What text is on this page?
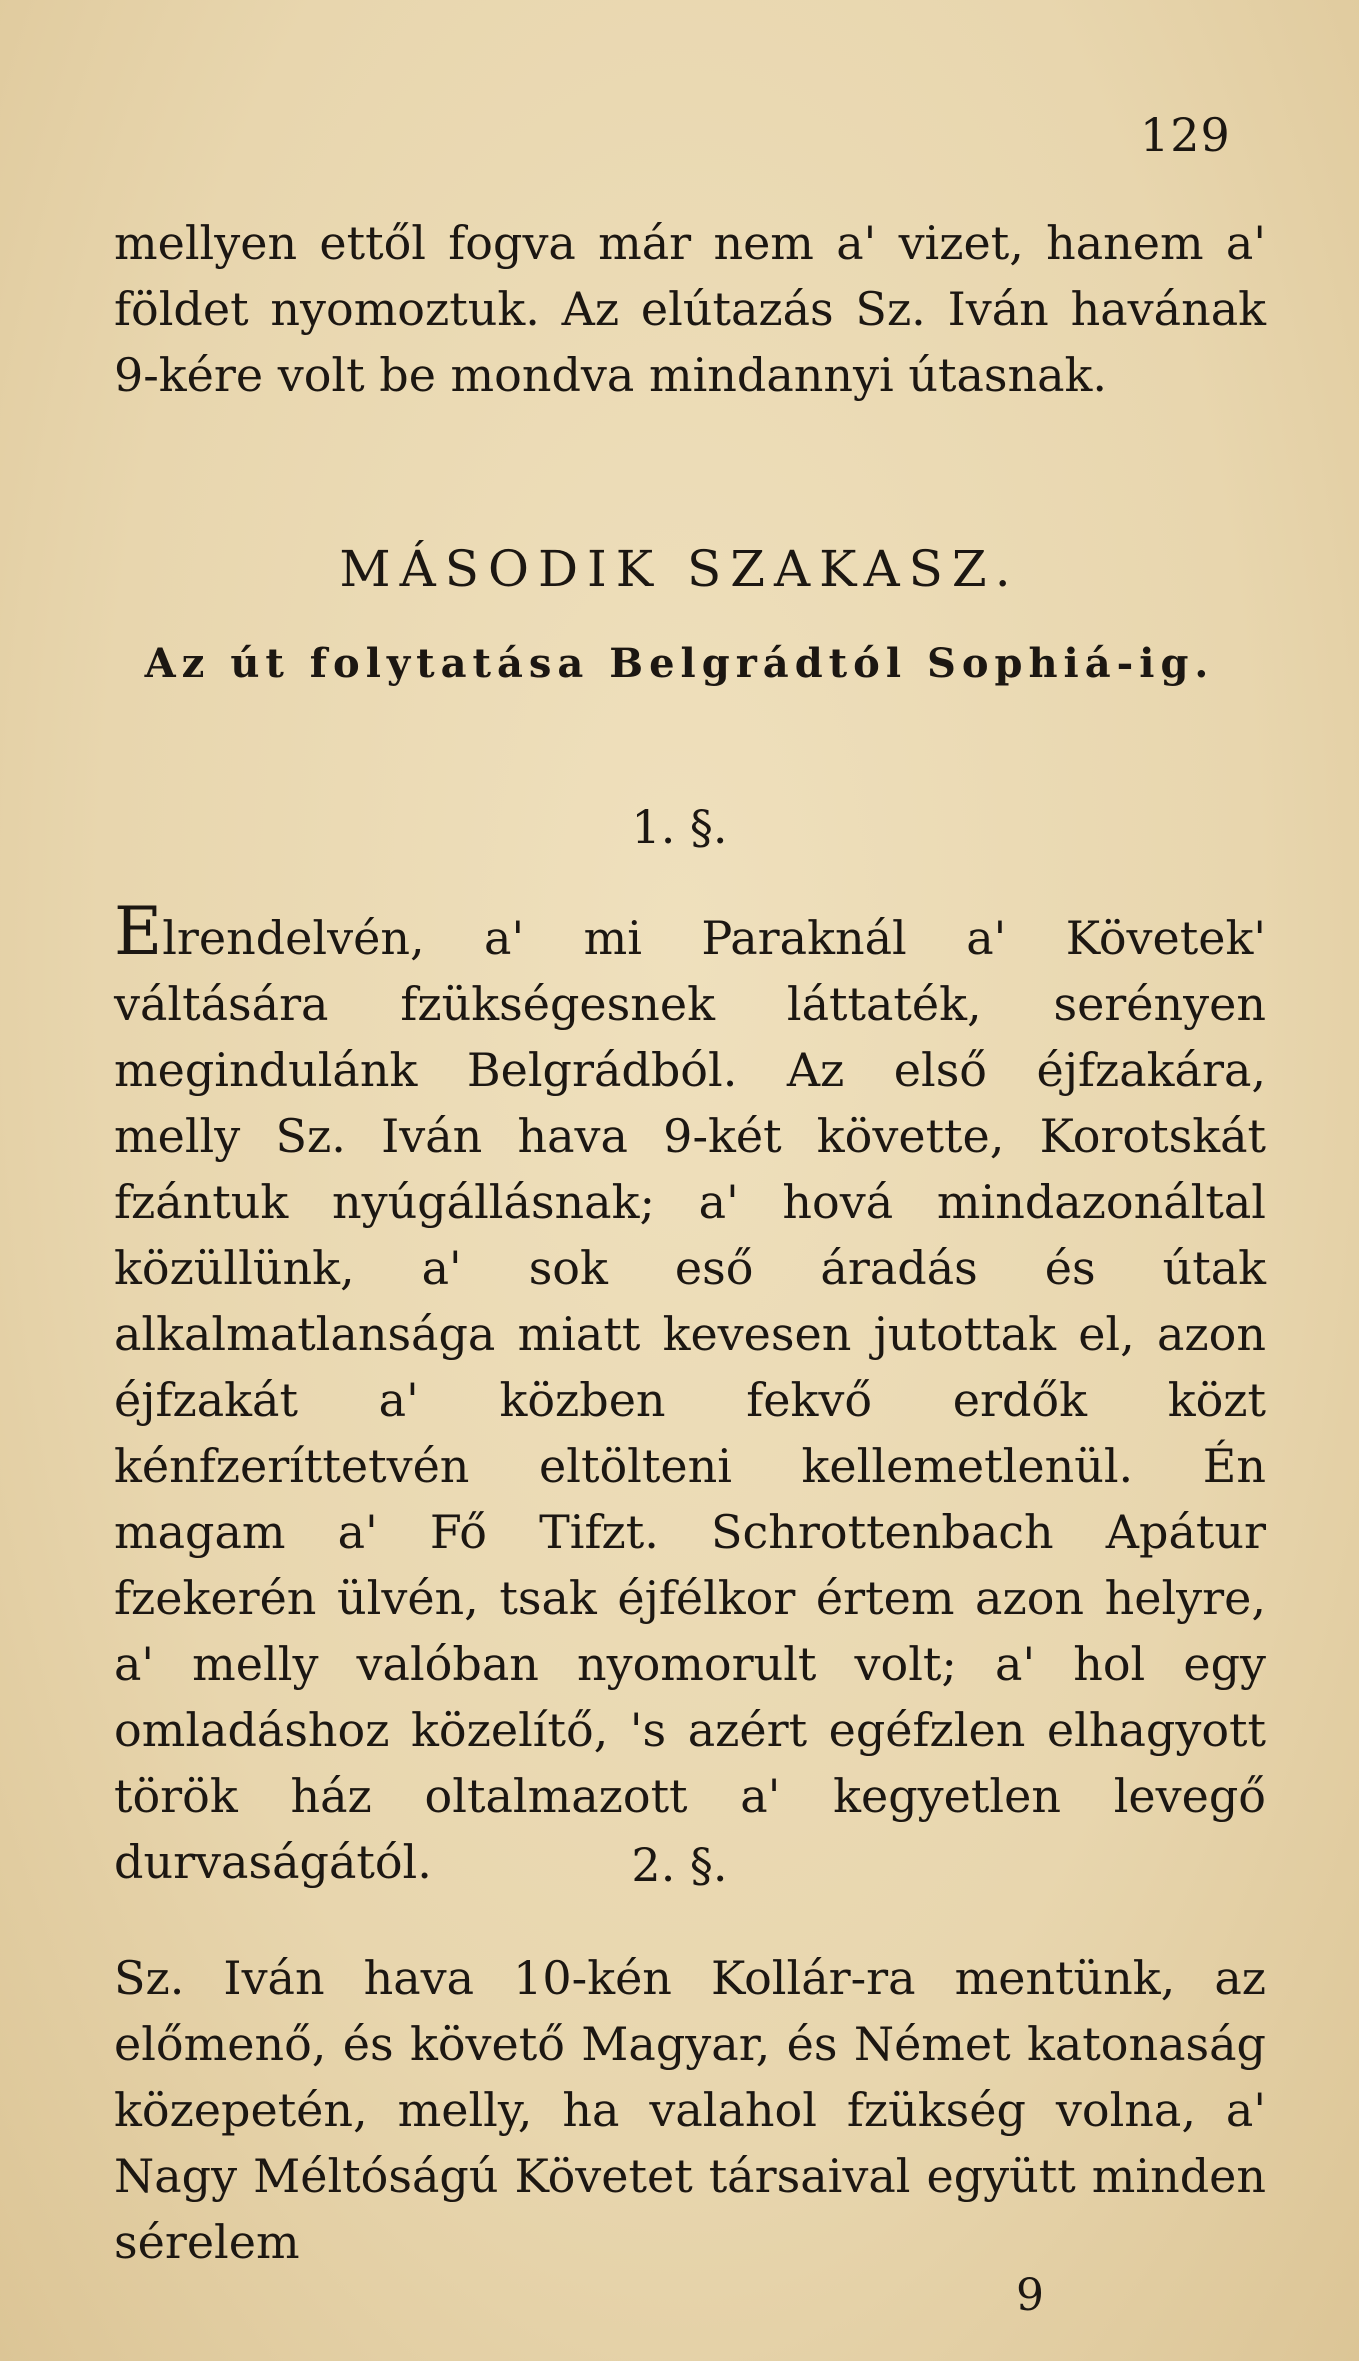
129

mellyen ettől fogva már nem a' vizet, hanem a' földet nyomoztuk. Az elútazás Sz. Iván havának 9-kére volt be mondva mindannyi útasnak.

MÁSODIK SZAKASZ.
Az út folytatása Belgrádtól Sophiá-ig.
1. §.

Elrendelvén, a' mi Paraknál a' Követek' váltására fzükségesnek láttaték, serényen megindulánk Belgrádból. Az első éjfzakára, melly Sz. Iván hava 9-két követte, Korotskát fzántuk nyúgállásnak; a' hová mindazonáltal közüllünk, a' sok eső áradás és útak alkalmatlansága miatt kevesen jutottak el, azon éjfzakát a' közben fekvő erdők közt kénfzeríttetvén eltölteni kellemetlenül. Én magam a' Fő Tifzt. Schrottenbach Apátur fzekerén ülvén, tsak éjfélkor értem azon helyre, a' melly valóban nyomorult volt; a' hol egy omladáshoz közelítő, 's azért egéfzlen elhagyott török ház oltalmazott a' kegyetlen levegő durvaságától.	2. §.

Sz. Iván hava 10-kén Kollár-ra mentünk, az előmenő, és követő Magyar, és Német katonaság közepetén, melly, ha valahol fzükség volna, a' Nagy Méltóságú Követet társaival együtt minden sérelem

9
